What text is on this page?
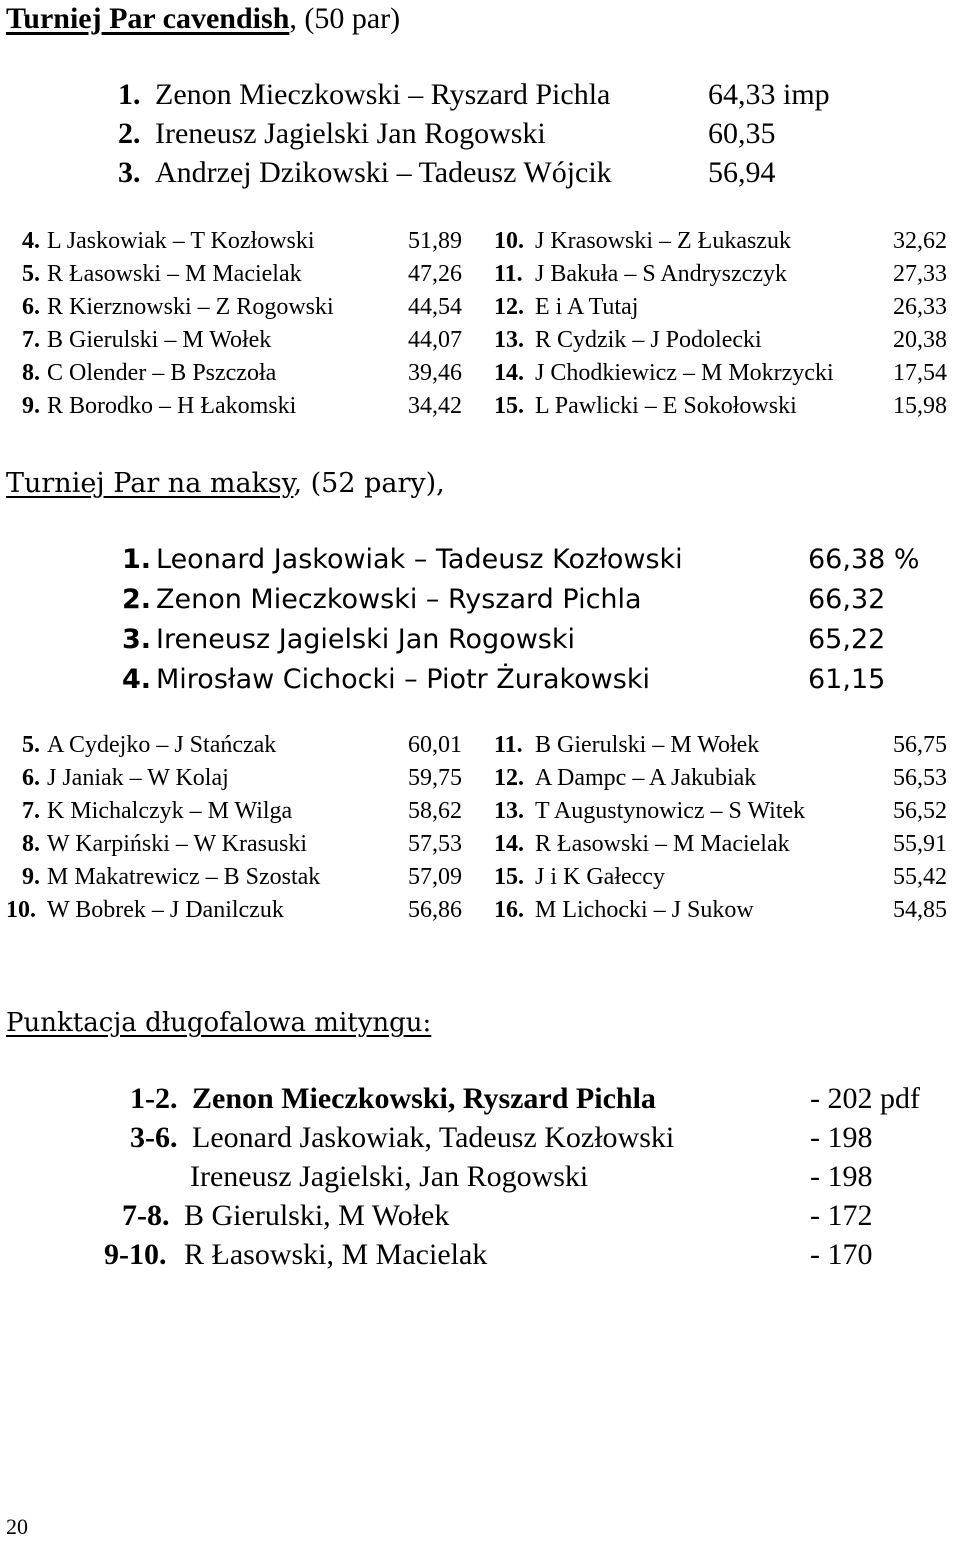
Turniej Par cavendish, (50 par)
1. Zenon Mieczkowski – Ryszard Pichla	64,33 imp
2. Ireneusz Jagielski Jan Rogowski	60,35
3. Andrzej Dzikowski – Tadeusz Wójcik	56,94
4. L Jaskowiak – T Kozłowski	51,89 10. J Krasowski – Z Łukaszuk	32,62
5. R Łasowski – M Macielak	47,26 11. J Bakuła – S Andryszczyk	27,33
6. R Kierznowski – Z Rogowski	44,54 12. E i A Tutaj	26,33
7. B Gierulski – M Wołek	44,07 13. R Cydzik – J Podolecki	20,38
8. C Olender – B Pszczoła	39,46 14. J Chodkiewicz – M Mokrzycki 17,54
9. R Borodko – H Łakomski	34,42 15. L Pawlicki – E Sokołowski	15,98
Turniej Par na maksy, (52 pary),
1. Leonard Jaskowiak – Tadeusz Kozłowski	66,38 %
2. Zenon Mieczkowski – Ryszard Pichla	66,32
3. Ireneusz Jagielski Jan Rogowski	65,22
4. Mirosław Cichocki – Piotr Żurakowski	61,15
5. A Cydejko – J Stańczak	60,01 11. B Gierulski – M Wołek	56,75
6. J Janiak – W Kolaj	59,75 12. A Dampc – A Jakubiak	56,53
7. K Michalczyk – M Wilga	58,62 13. T Augustynowicz – S Witek	56,52
8. W Karpiński – W Krasuski	57,53 14. R Łasowski – M Macielak	55,91
9. M Makatrewicz – B Szostak	57,09 15. J i K Gałeccy	55,42
10. W Bobrek – J Danilczuk	56,86 16. M Lichocki – J Sukow	54,85
Punktacja długofalowa mityngu:
1-2. Zenon Mieczkowski, Ryszard Pichla	- 202 pdf
3-6. Leonard Jaskowiak, Tadeusz Kozłowski	- 198
Ireneusz Jagielski, Jan Rogowski	- 198
7-8. B Gierulski, M Wołek	- 172
9-10. R Łasowski, M Macielak	- 170
20
